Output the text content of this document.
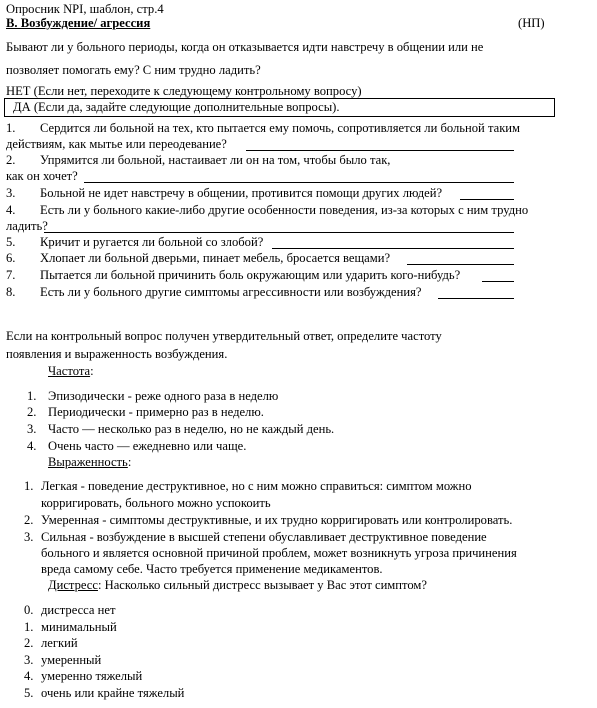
Опросник NPI, шаблон, стр.4
B. Возбуждение/ агрессия	(НП)
Бывают ли у больного периоды, когда он отказывается идти навстречу в общении или не
позволяет помогать ему? С ним трудно ладить?
НЕТ (Если нет, переходите к следующему контрольному вопросу)
ДА (Если да, задайте следующие дополнительные вопросы).
1. Сердится ли больной на тех, кто пытается ему помочь, сопротивляется ли больной таким
действиям, как мытье или переодевание?
2. Упрямится ли больной, настаивает ли он на том, чтобы было так,
как он хочет?
3. Больной не идет навстречу в общении, противится помощи других людей?
4. Есть ли у больного какие-либо другие особенности поведения, из-за которых с ним трудно
ладить?
5. Кричит и ругается ли больной со злобой?
6. Хлопает ли больной дверьми, пинает мебель, бросается вещами?
7. Пытается ли больной причинить боль окружающим или ударить кого-нибудь?
8. Есть ли у больного другие симптомы агрессивности или возбуждения?
Если на контрольный вопрос получен утвердительный ответ, определите частоту
появления и выраженность возбуждения.
Частота:
1. Эпизодически - реже одного раза в неделю
2. Периодически - примерно раз в неделю.
3. Часто — несколько раз в неделю, но не каждый день.
4. Очень часто — ежедневно или чаще.
Выраженность:
1. Легкая - поведение деструктивное, но с ним можно справиться: симптом можно
корригировать, больного можно успокоить
2. Умеренная - симптомы деструктивные, и их трудно корригировать или контролировать.
3. Сильная - возбуждение в высшей степени обуславливает деструктивное поведение
больного и является основной причиной проблем, может возникнуть угроза причинения
вреда самому себе. Часто требуется применение медикаментов.
Дистресс: Насколько сильный дистресс вызывает у Вас этот симптом?
0. дистресса нет
1. минимальный
2. легкий
3. умеренный
4. умеренно тяжелый
5. очень или крайне тяжелый
